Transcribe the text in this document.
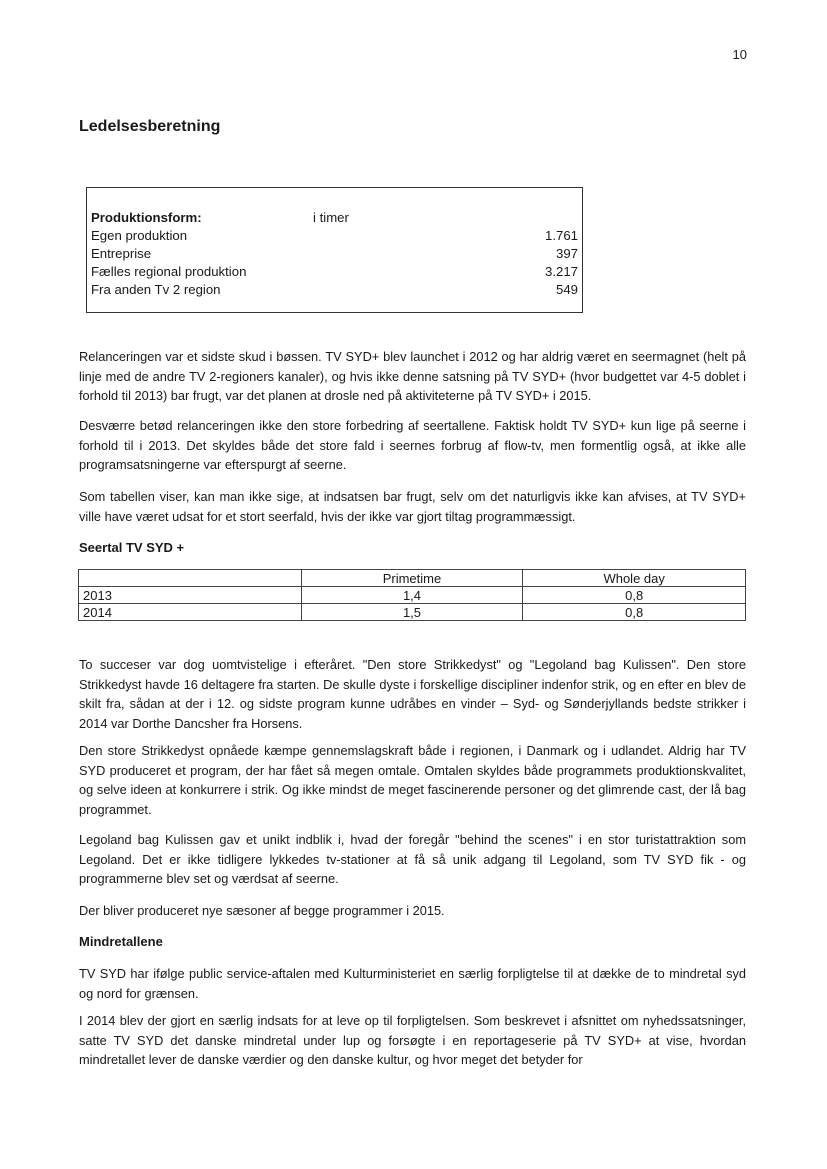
10
Ledelsesberetning
Produktionsform:	i timer	
Egen produktion		1.761
Entreprise		397
Fælles regional produktion		3.217
Fra anden Tv 2 region		549

Relanceringen var et sidste skud i bøssen. TV SYD+ blev launchet i 2012 og har aldrig været en seermagnet (helt på linje med de andre TV 2-regioners kanaler), og hvis ikke denne satsning på TV SYD+ (hvor budgettet var 4-5 doblet i forhold til 2013) bar frugt, var det planen at drosle ned på aktiviteterne på TV SYD+ i 2015.

Desværre betød relanceringen ikke den store forbedring af seertallene. Faktisk holdt TV SYD+ kun lige på seerne i forhold til i 2013. Det skyldes både det store fald i seernes forbrug af flow-tv, men formentlig også, at ikke alle programsatsningerne var efterspurgt af seerne.

Som tabellen viser, kan man ikke sige, at indsatsen bar frugt, selv om det naturligvis ikke kan afvises, at TV SYD+ ville have været udsat for et stort seerfald, hvis der ikke var gjort tiltag programmæssigt.

Seertal TV SYD +
	Primetime	Whole day
2013	1,4	0,8
2014	1,5	0,8

To succeser var dog uomtvistelige i efteråret. "Den store Strikkedyst" og "Legoland bag Kulissen". Den store Strikkedyst havde 16 deltagere fra starten. De skulle dyste i forskellige discipliner indenfor strik, og en efter en blev de skilt fra, sådan at der i 12. og sidste program kunne udråbes en vinder – Syd- og Sønderjyllands bedste strikker i 2014 var Dorthe Dancsher fra Horsens.

Den store Strikkedyst opnåede kæmpe gennemslagskraft både i regionen, i Danmark og i udlandet. Aldrig har TV SYD produceret et program, der har fået så megen omtale. Omtalen skyldes både programmets produktionskvalitet, og selve ideen at konkurrere i strik. Og ikke mindst de meget fascinerende personer og det glimrende cast, der lå bag programmet.

Legoland bag Kulissen gav et unikt indblik i, hvad der foregår "behind the scenes" i en stor turistattraktion som Legoland. Det er ikke tidligere lykkedes tv-stationer at få så unik adgang til Legoland, som TV SYD fik - og programmerne blev set og værdsat af seerne.

Der bliver produceret nye sæsoner af begge programmer i 2015.

Mindretallene

TV SYD har ifølge public service-aftalen med Kulturministeriet en særlig forpligtelse til at dække de to mindretal syd og nord for grænsen.

I 2014 blev der gjort en særlig indsats for at leve op til forpligtelsen. Som beskrevet i afsnittet om nyhedssatsninger, satte TV SYD det danske mindretal under lup og forsøgte i en reportageserie på TV SYD+ at vise, hvordan mindretallet lever de danske værdier og den danske kultur, og hvor meget det betyder for
